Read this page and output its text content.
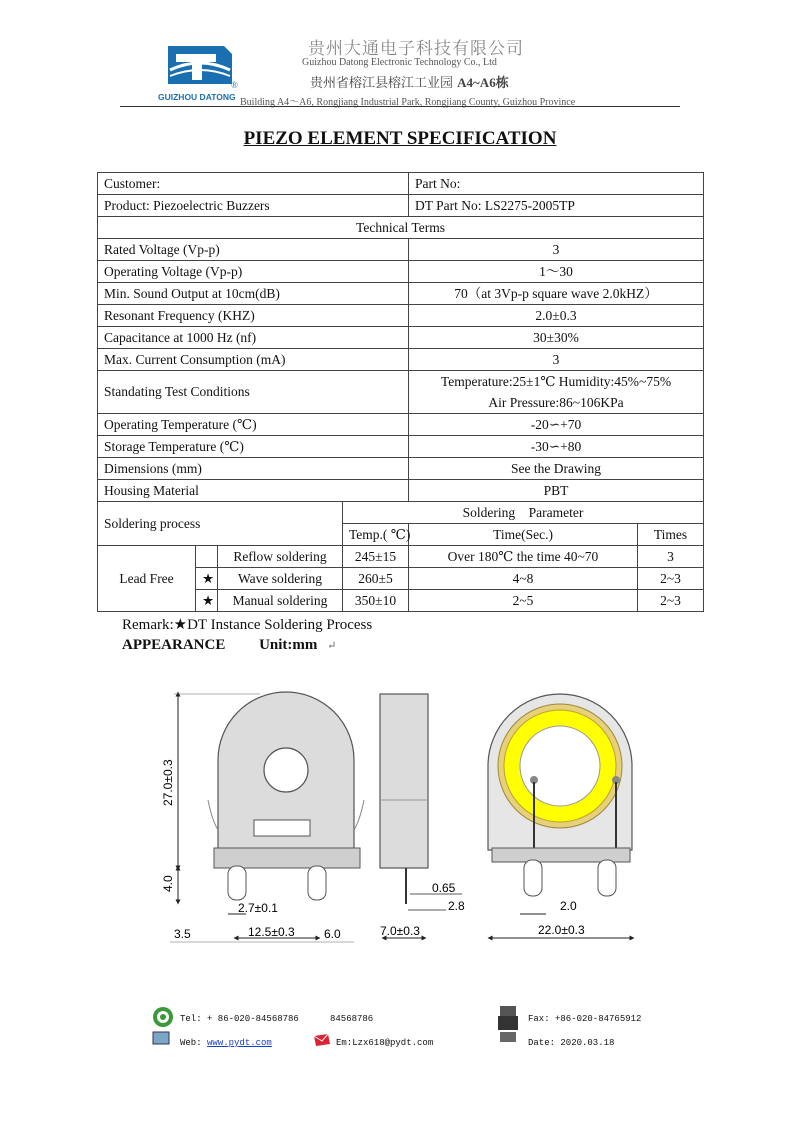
GUIZHOU DATONG
®
贵州大通电子科技有限公司
Guizhou Datong Electronic Technology Co., Ltd
贵州省榕江县榕江工业园 A4~A6栋
Building A4～A6, Rongjiang Industrial Park, Rongjiang County, Guizhou Province
PIEZO ELEMENT SPECIFICATION
Customer:				Part No:	
Product: Piezoelectric Buzzers				DT Part No: LS2275-2005TP	
Technical Terms					
Rated Voltage (Vp-p)				3	
Operating Voltage (Vp-p)				1～30	
Min. Sound Output at 10cm(dB)				70（at 3Vp-p square wave 2.0kHZ）	
Resonant Frequency (KHZ)				2.0±0.3	
Capacitance at 1000 Hz (nf)				30±30%	
Max. Current Consumption (mA)				3	
Standating Test Conditions				Temperature:25±1℃ Humidity:45%~75%
Air Pressure:86~106KPa	

Operating Temperature (℃)				-20∽+70	
Storage Temperature (℃)				-30∽+80	
Dimensions (mm)				See the Drawing	
Housing Material				PBT	
Soldering process			Soldering    Parameter		
			Temp.( ℃)	Time(Sec.)	Times
Lead Free		Reflow soldering	245±15	Over 180℃ the time 40~70	3
	★	Wave soldering	260±5	4~8	2~3
	★	Manual soldering	350±10	2~5	2~3
Remark:★DT Instance Soldering Process
APPEARANCE Unit:mm ↵
27.0±0.3
4.0
2.7±0.1
12.5±0.3
3.5	6.0	7.0±0.3
0.65
2.8	2.0
22.0±0.3
Tel: + 86-020-84568786	84568786
Web: www.pydt.com	Em:Lzx618@pydt.com
Fax: +86-020-84765912
Date: 2020.03.18
